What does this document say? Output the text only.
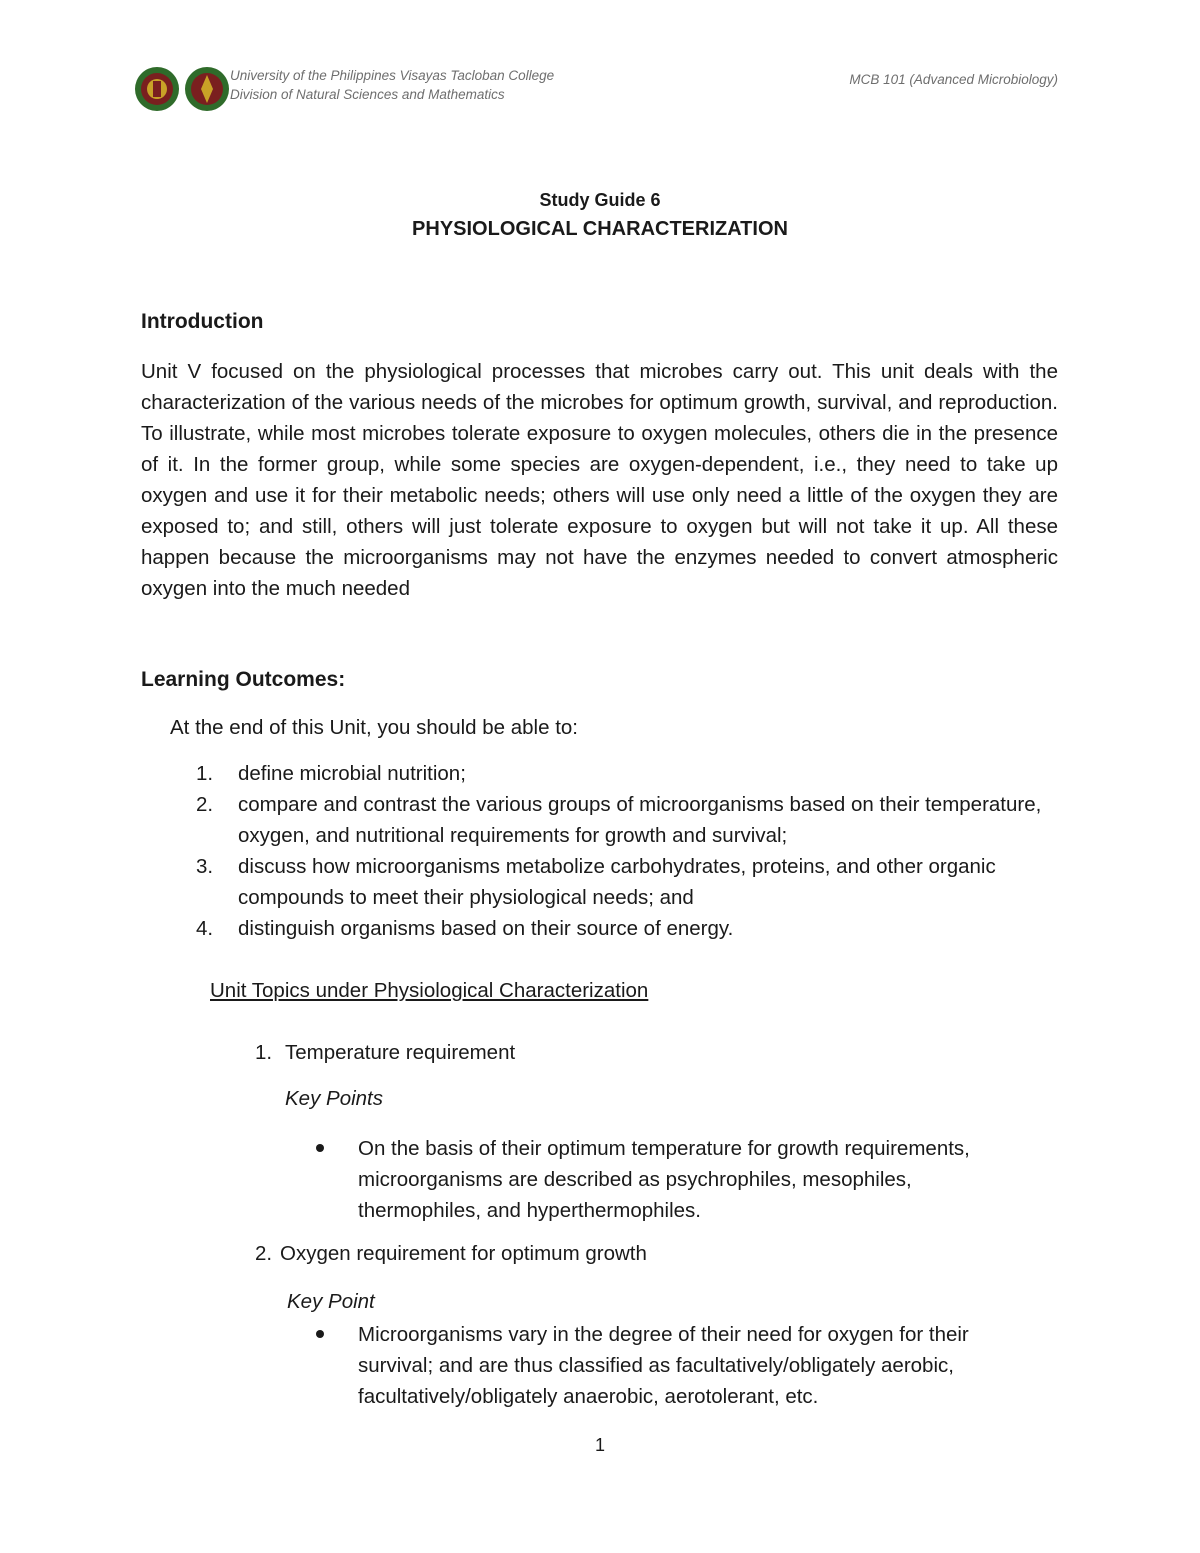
University of the Philippines Visayas Tacloban College
Division of Natural Sciences and Mathematics
MCB 101 (Advanced Microbiology)
Study Guide 6
PHYSIOLOGICAL CHARACTERIZATION
Introduction

Unit V focused on the physiological processes that microbes carry out. This unit deals with the characterization of the various needs of the microbes for optimum growth, survival, and reproduction. To illustrate, while most microbes tolerate exposure to oxygen molecules, others die in the presence of it. In the former group, while some species are oxygen-dependent, i.e., they need to take up oxygen and use it for their metabolic needs; others will use only need a little of the oxygen they are exposed to; and still, others will just tolerate exposure to oxygen but will not take it up. All these happen because the microorganisms may not have the enzymes needed to convert atmospheric oxygen into the much needed

Learning Outcomes:
At the end of this Unit, you should be able to:
1. define microbial nutrition;
2. compare and contrast the various groups of microorganisms based on their temperature, oxygen, and nutritional requirements for growth and survival;
3. discuss how microorganisms metabolize carbohydrates, proteins, and other organic compounds to meet their physiological needs; and
4. distinguish organisms based on their source of energy.
Unit Topics under Physiological Characterization
1. Temperature requirement
Key Points
On the basis of their optimum temperature for growth requirements, microorganisms are described as psychrophiles, mesophiles, thermophiles, and hyperthermophiles.
2. Oxygen requirement for optimum growth
Key Point
Microorganisms vary in the degree of their need for oxygen for their survival; and are thus classified as facultatively/obligately aerobic, facultatively/obligately anaerobic, aerotolerant, etc.
1
